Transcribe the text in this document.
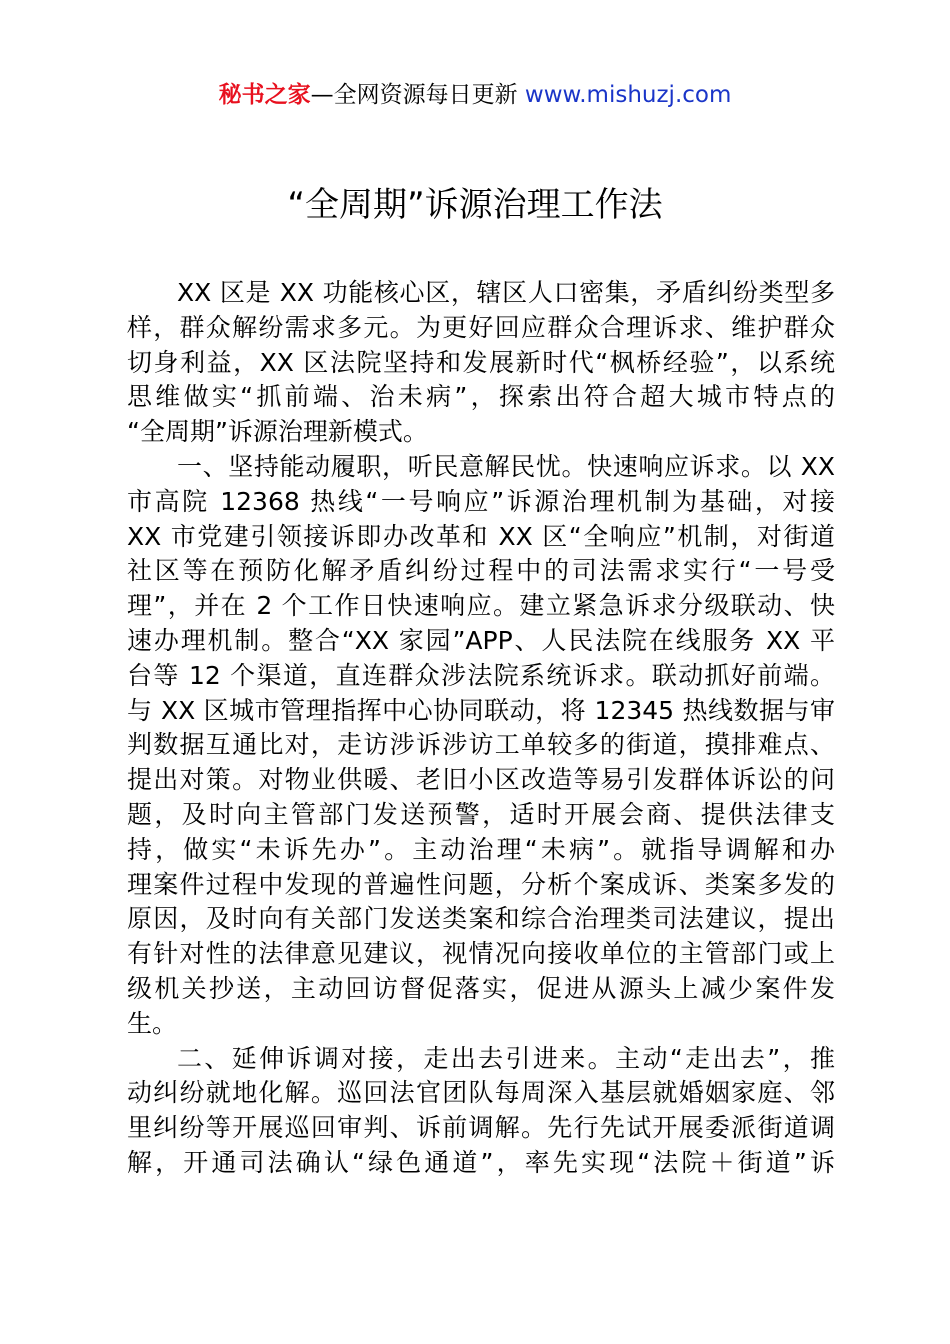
秘书之家—全网资源每日更新 www.mishuzj.com
“全周期”诉源治理工作法
XX 区是 XX 功能核心区，辖区人口密集，矛盾纠纷类型多
样，群众解纷需求多元。为更好回应群众合理诉求、维护群众
切身利益，XX 区法院坚持和发展新时代“枫桥经验”，以系统
思维做实“抓前端、治未病”，探索出符合超大城市特点的
“全周期”诉源治理新模式。
一、坚持能动履职，听民意解民忧。快速响应诉求。以 XX
市高院 12368 热线“一号响应”诉源治理机制为基础，对接
XX 市党建引领接诉即办改革和 XX 区“全响应”机制，对街道
社区等在预防化解矛盾纠纷过程中的司法需求实行“一号受
理”，并在 2 个工作日快速响应。建立紧急诉求分级联动、快
速办理机制。整合“XX 家园”APP、人民法院在线服务 XX 平
台等 12 个渠道，直连群众涉法院系统诉求。联动抓好前端。
与 XX 区城市管理指挥中心协同联动，将 12345 热线数据与审
判数据互通比对，走访涉诉涉访工单较多的街道，摸排难点、
提出对策。对物业供暖、老旧小区改造等易引发群体诉讼的问
题，及时向主管部门发送预警，适时开展会商、提供法律支
持，做实“未诉先办”。主动治理“未病”。就指导调解和办
理案件过程中发现的普遍性问题，分析个案成诉、类案多发的
原因，及时向有关部门发送类案和综合治理类司法建议，提出
有针对性的法律意见建议，视情况向接收单位的主管部门或上
级机关抄送，主动回访督促落实，促进从源头上减少案件发
生。
二、延伸诉调对接，走出去引进来。主动“走出去”，推
动纠纷就地化解。巡回法官团队每周深入基层就婚姻家庭、邻
里纠纷等开展巡回审判、诉前调解。先行先试开展委派街道调
解，开通司法确认“绿色通道”，率先实现“法院＋街道”诉
